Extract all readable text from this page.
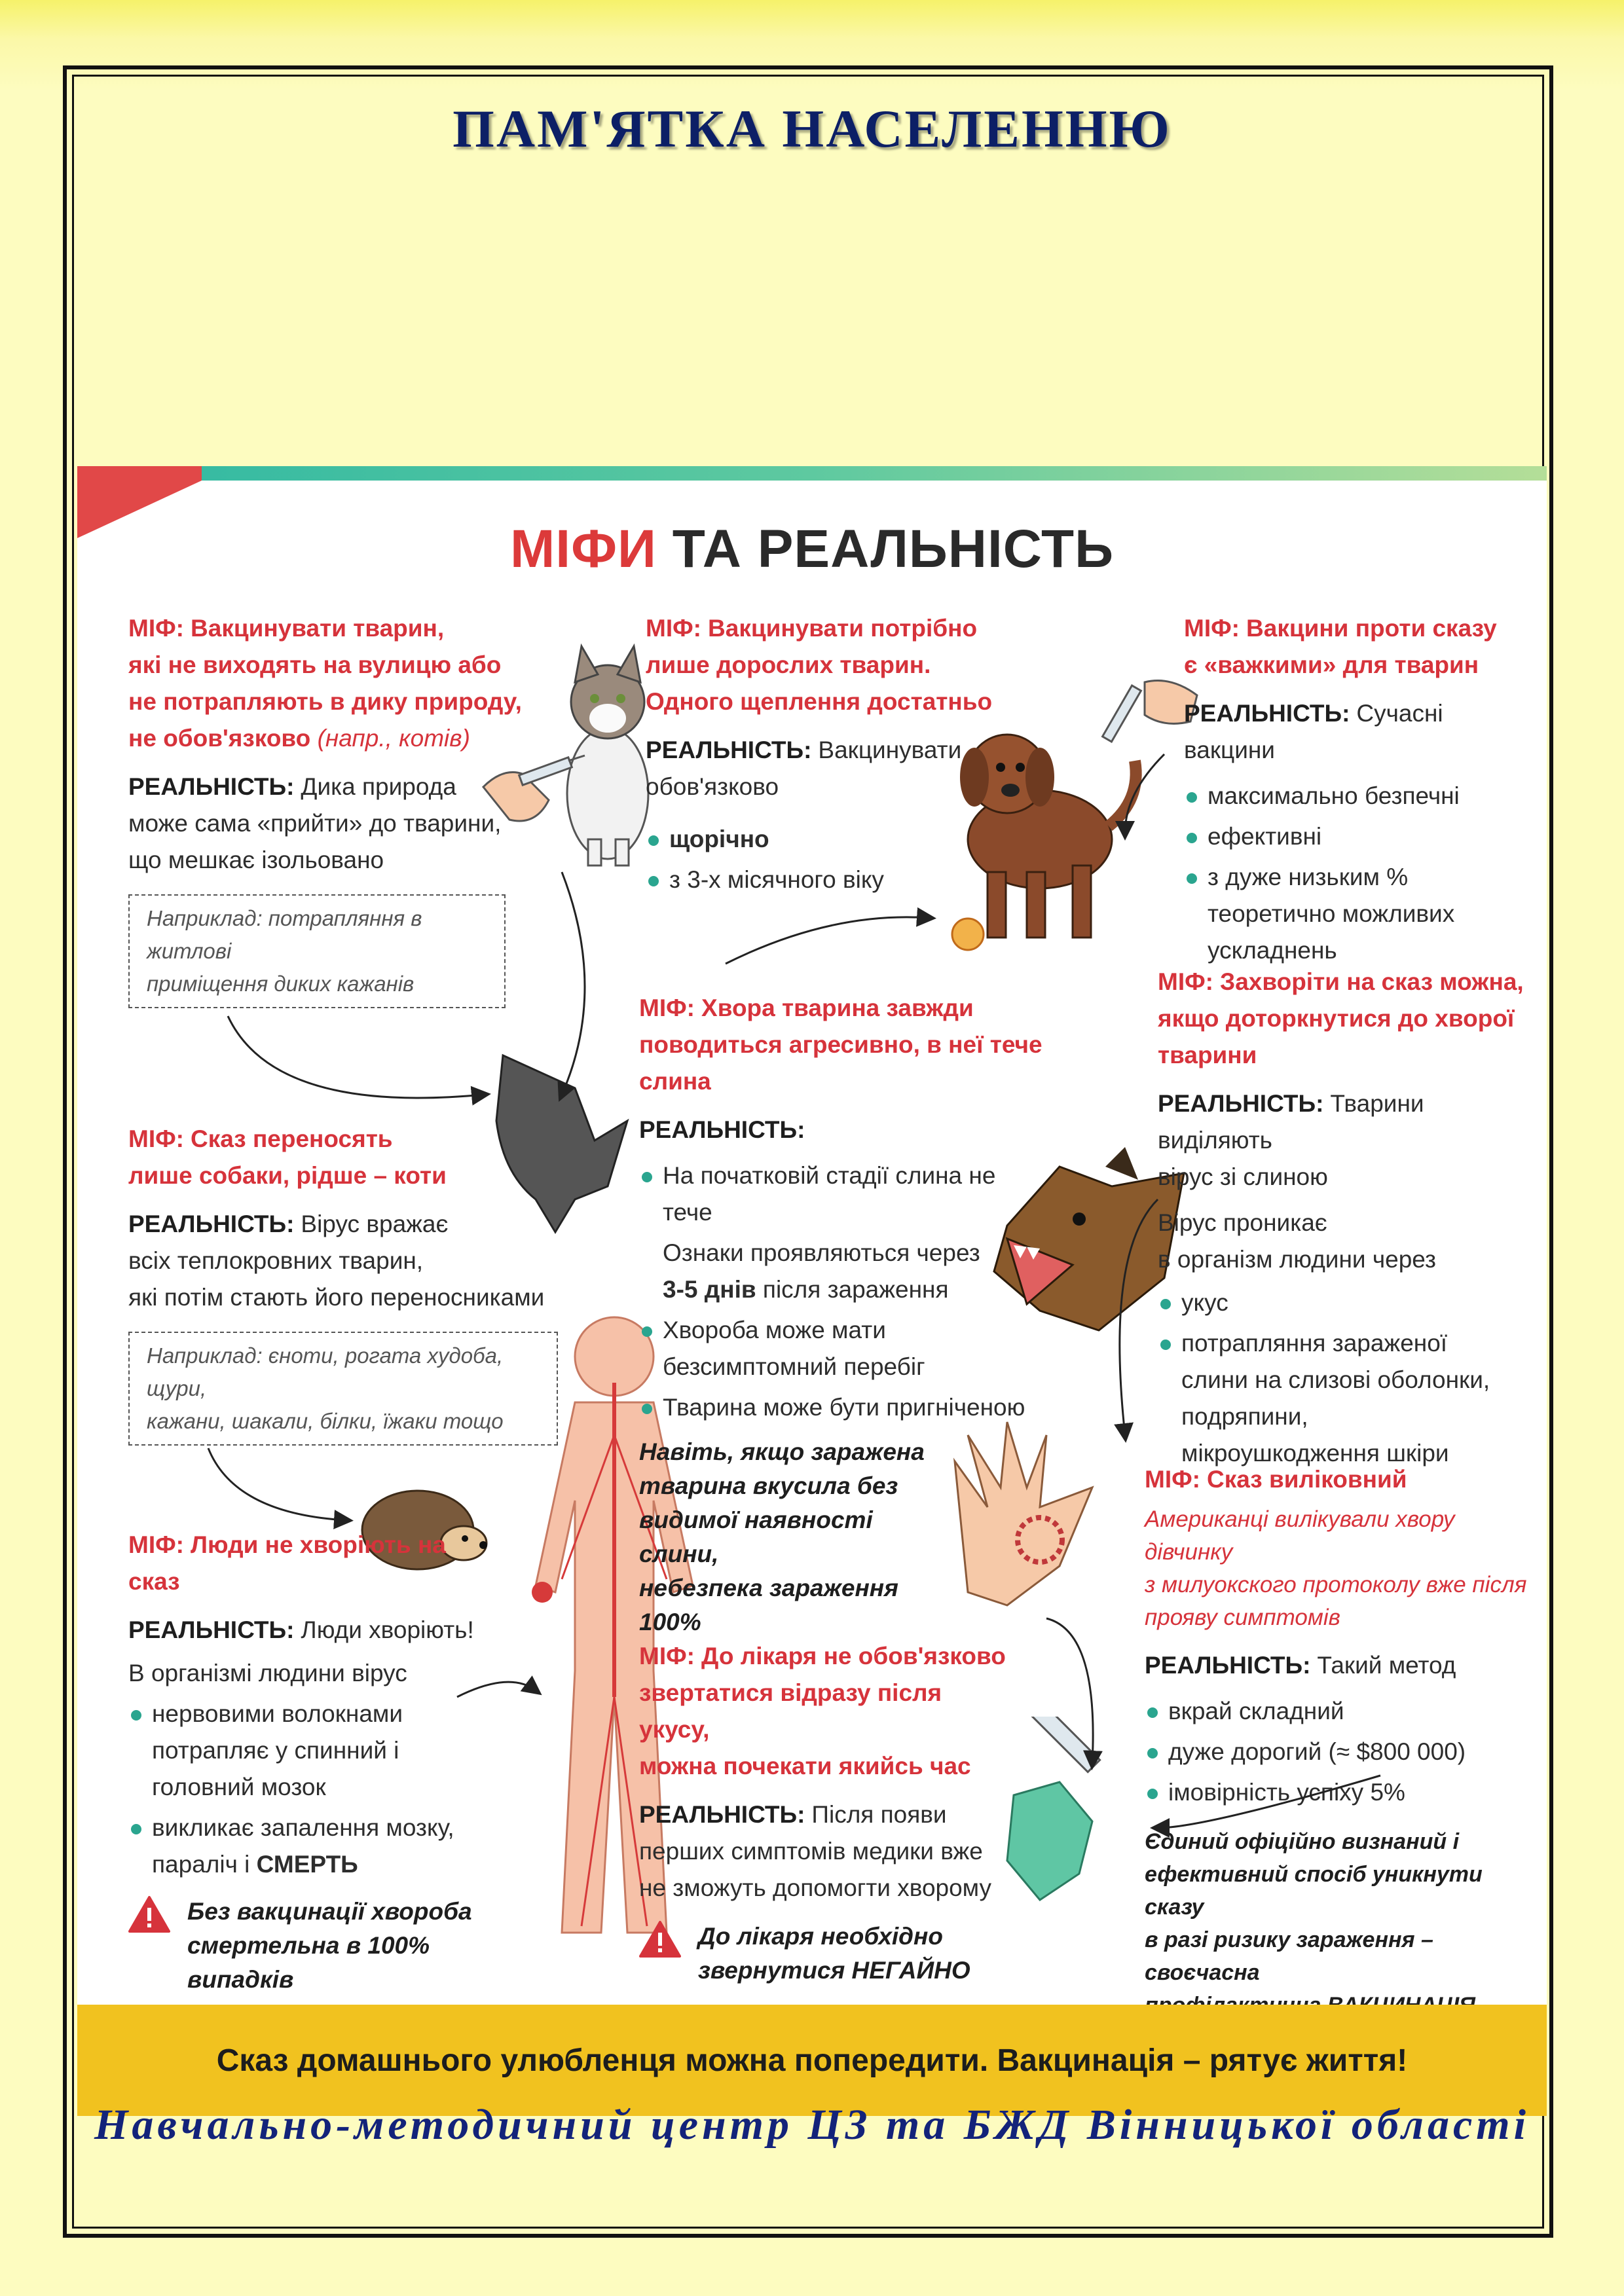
ПАМ'ЯТКА НАСЕЛЕННЮ
МІФИ ТА РЕАЛЬНІСТЬ
МІФ: Вакцинувати тварин,
які не виходять на вулицю або
не потрапляють в дику природу,
не обов'язково (напр., котів)
РЕАЛЬНІСТЬ: Дика природа
може сама «прийти» до тварини,
що мешкає ізольовано
Наприклад: потрапляння в житлові
приміщення диких кажанів
МІФ: Вакцинувати потрібно
лише дорослих тварин.
Одного щеплення достатньо
РЕАЛЬНІСТЬ: Вакцинувати
обов'язково
щорічно
з 3-х місячного віку
МІФ: Вакцини проти сказу
є «важкими» для тварин
РЕАЛЬНІСТЬ: Сучасні вакцини
максимально безпечні
ефективні
з дуже низьким % теоретично можливих ускладнень
МІФ: Сказ переносять
лише собаки, рідше – коти
РЕАЛЬНІСТЬ: Вірус вражає
всіх теплокровних тварин,
які потім стають його переносниками
Наприклад: єноти, рогата худоба, щури,
кажани, шакали, білки, їжаки тощо
МІФ: Хвора тварина завжди
поводиться агресивно, в неї тече слина
РЕАЛЬНІСТЬ:
На початковій стадії слина не тече
Ознаки проявляються через
3-5 днів після зараження
Хвороба може мати безсимптомний перебіг
Тварина може бути пригніченою
Навіть, якщо заражена
тварина вкусила без
видимої наявності слини,
небезпека зараження 100%
МІФ: Захворіти на сказ можна,
якщо доторкнутися до хворої
тварини
РЕАЛЬНІСТЬ: Тварини виділяють
вірус зі слиною
Вірус проникає
в організм людини через
укус
потрапляння зараженої слини на слизові оболонки, подряпини, мікроушкодження шкіри
МІФ: Люди не хворіють на сказ
РЕАЛЬНІСТЬ: Люди хворіють!
В організмі людини вірус
нервовими волокнами потрапляє у спинний і головний мозок
викликає запалення мозку, параліч і СМЕРТЬ
Без вакцинації хвороба
смертельна в 100% випадків
МІФ: До лікаря не обов'язково
звертатися відразу після укусу,
можна почекати якийсь час
РЕАЛЬНІСТЬ: Після появи
перших симптомів медики вже
не зможуть допомогти хворому
До лікаря необхідно
звернутися НЕГАЙНО
МІФ: Сказ виліковний
Американці вилікували хвору дівчинку
з милуокского протоколу вже після
прояву симптомів
РЕАЛЬНІСТЬ: Такий метод
вкрай складний
дуже дорогий (≈ $800 000)
імовірність успіху 5%
Єдиний офіційно визнаний і
ефективний спосіб уникнути сказу
в разі ризику зараження – своєчасна

Сказ домашнього улюбленця можна попередити. Вакцинація – рятує життя!
Навчально-методичний центр ЦЗ та БЖД Вінницької області
